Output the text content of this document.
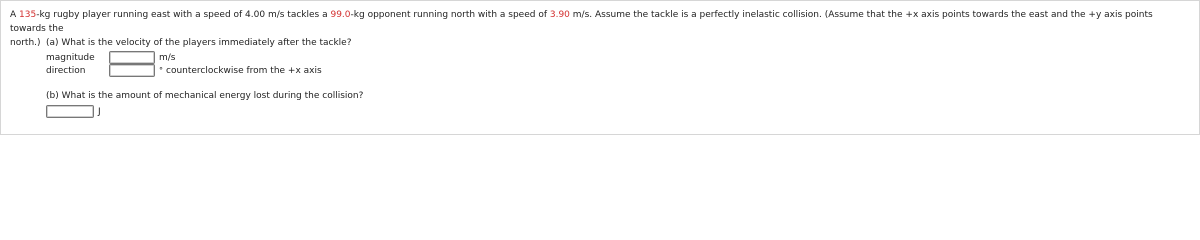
A 135-kg rugby player running east with a speed of 4.00 m/s tackles a 99.0-kg opponent running north with a speed of 3.90 m/s. Assume the tackle is a perfectly inelastic collision. (Assume that the +x axis points towards the east and the +y axis points towards the
north.) (a) What is the velocity of the players immediately after the tackle?
magnitude	m/s
direction	° counterclockwise from the +x axis
(b) What is the amount of mechanical energy lost during the collision?
J
